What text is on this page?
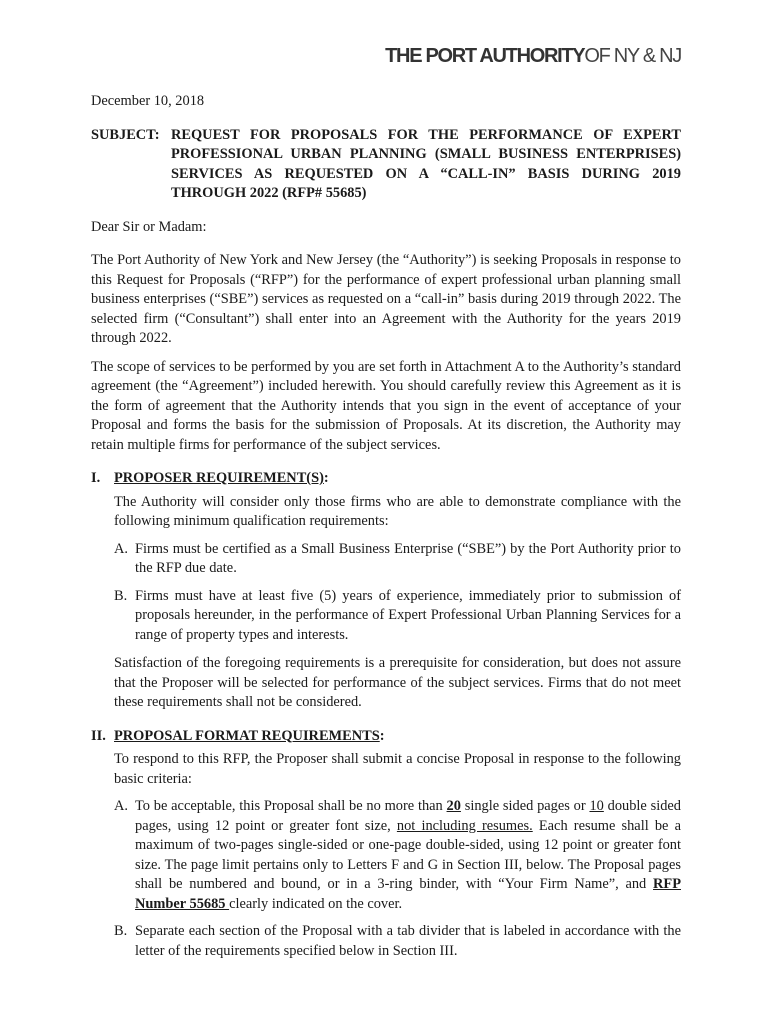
THE PORT AUTHORITYOF NY & NJ

December 10, 2018

SUBJECT: REQUEST FOR PROPOSALS FOR THE PERFORMANCE OF EXPERT PROFESSIONAL URBAN PLANNING (SMALL BUSINESS ENTERPRISES) SERVICES AS REQUESTED ON A “CALL-IN” BASIS DURING 2019 THROUGH 2022 (RFP# 55685)

Dear Sir or Madam:

The Port Authority of New York and New Jersey (the “Authority”) is seeking Proposals in response to this Request for Proposals (“RFP”) for the performance of expert professional urban planning small business enterprises (“SBE”) services as requested on a “call-in” basis during 2019 through 2022. The selected firm (“Consultant”) shall enter into an Agreement with the Authority for the years 2019 through 2022.

The scope of services to be performed by you are set forth in Attachment A to the Authority’s standard agreement (the “Agreement”) included herewith. You should carefully review this Agreement as it is the form of agreement that the Authority intends that you sign in the event of acceptance of your Proposal and forms the basis for the submission of Proposals. At its discretion, the Authority may retain multiple firms for performance of the subject services.

I. PROPOSER REQUIREMENT(S):

The Authority will consider only those firms who are able to demonstrate compliance with the following minimum qualification requirements:

A. Firms must be certified as a Small Business Enterprise (“SBE”) by the Port Authority prior to the RFP due date.
B. Firms must have at least five (5) years of experience, immediately prior to submission of proposals hereunder, in the performance of Expert Professional Urban Planning Services for a range of property types and interests.

Satisfaction of the foregoing requirements is a prerequisite for consideration, but does not assure that the Proposer will be selected for performance of the subject services. Firms that do not meet these requirements shall not be considered.

II. PROPOSAL FORMAT REQUIREMENTS:

To respond to this RFP, the Proposer shall submit a concise Proposal in response to the following basic criteria:

A. To be acceptable, this Proposal shall be no more than 20 single sided pages or 10 double sided pages, using 12 point or greater font size, not including resumes. Each resume shall be a maximum of two-pages single-sided or one-page double-sided, using 12 point or greater font size. The page limit pertains only to Letters F and G in Section III, below. The Proposal pages shall be numbered and bound, or in a 3-ring binder, with “Your Firm Name”, and RFP Number 55685 clearly indicated on the cover.
B. Separate each section of the Proposal with a tab divider that is labeled in accordance with the letter of the requirements specified below in Section III.
